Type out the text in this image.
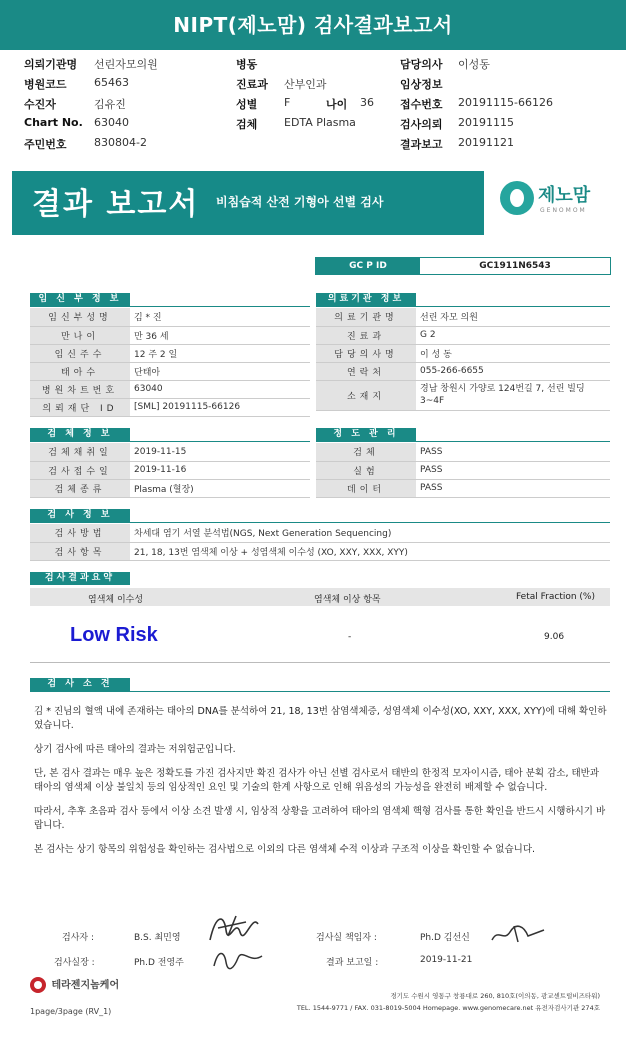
NIPT(제노맘) 검사결과보고서
의뢰기관명 선린자모의원	병동	담당의사 이성동
병원코드 65463	진료과 산부인과	임상정보
수진자	김유진	성별 F	나이 36 접수번호 20191115-66126
Chart No. 63040	검체 EDTA Plasma	검사의뢰 20191115
주민번호 830804-2	결과보고 20191121
결과 보고서 비침습적 산전 기형아 선별 검사	제노맘
GENOMOM
GC P ID	GC1911N6543
임 신 부 정 보
임신부성명	김 * 진
만나이	만 36 세
임신주수	12 주 2 일
태아수	단태아
병원차트번호	63040
의뢰재단 ID	[SML] 20191115-66126
의료기관 정보
의료기관명	선린 자모 의원
진료과	G 2
담당의사명	이 성 동
연락처	055-266-6655
소재지	경남 창원시 가양로 124번길 7, 선린 빌딩 3~4F
검 체 정 보
검체채취일	2019-11-15
검사접수일	2019-11-16
검체종류	Plasma (혈장)
정 도 관 리
검체	PASS
실험	PASS
데이터	PASS
검 사 정 보
검사방법	차세대 염기 서열 분석법(NGS, Next Generation Sequencing)
검사항목	21, 18, 13번 염색체 이상 + 성염색체 이수성 (XO, XXY, XXX, XYY)
검사결과요약
염색체 이수성	염색체 이상 항목	Fetal Fraction (%)
Low Risk	-	9.06
검 사 소 견

김 * 진님의 혈액 내에 존재하는 태아의 DNA를 분석하여 21, 18, 13번 삼염색체증, 성염색체 이수성(XO, XXY, XXX, XYY)에 대해 확인하였습니다.

상기 검사에 따른 태아의 결과는 저위험군입니다.

단, 본 검사 결과는 매우 높은 정확도를 가진 검사지만 확진 검사가 아닌 선별 검사로서 태반의 한정적 모자이시즘, 태아 분획 감소, 태반과 태아의 염색체 이상 불일치 등의 임상적인 요인 및 기술의 한계 사항으로 인해 위음성의 가능성을 완전히 배제할 수 없습니다.

따라서, 추후 초음파 검사 등에서 이상 소견 발생 시, 임상적 상황을 고려하여 태아의 염색체 핵형 검사를 통한 확인을 반드시 시행하시기 바랍니다.

본 검사는 상기 항목의 위험성을 확인하는 검사법으로 이외의 다른 염색체 수적 이상과 구조적 이상을 확인할 수 없습니다.

검사자 :	B.S. 최민영
검사실장 :	Ph.D 전영주
검사실 책임자 :	Ph.D 김선신
결과 보고일 :	2019-11-21
테라젠지놈케어
경기도 수원시 영통구 창룡대로 260, 810호(이의동, 광교센트럴비즈타워)
TEL. 1544-9771 / FAX. 031-8019-5004 Homepage. www.genomecare.net 유전자검사기관 274호
1page/3page (RV_1)
